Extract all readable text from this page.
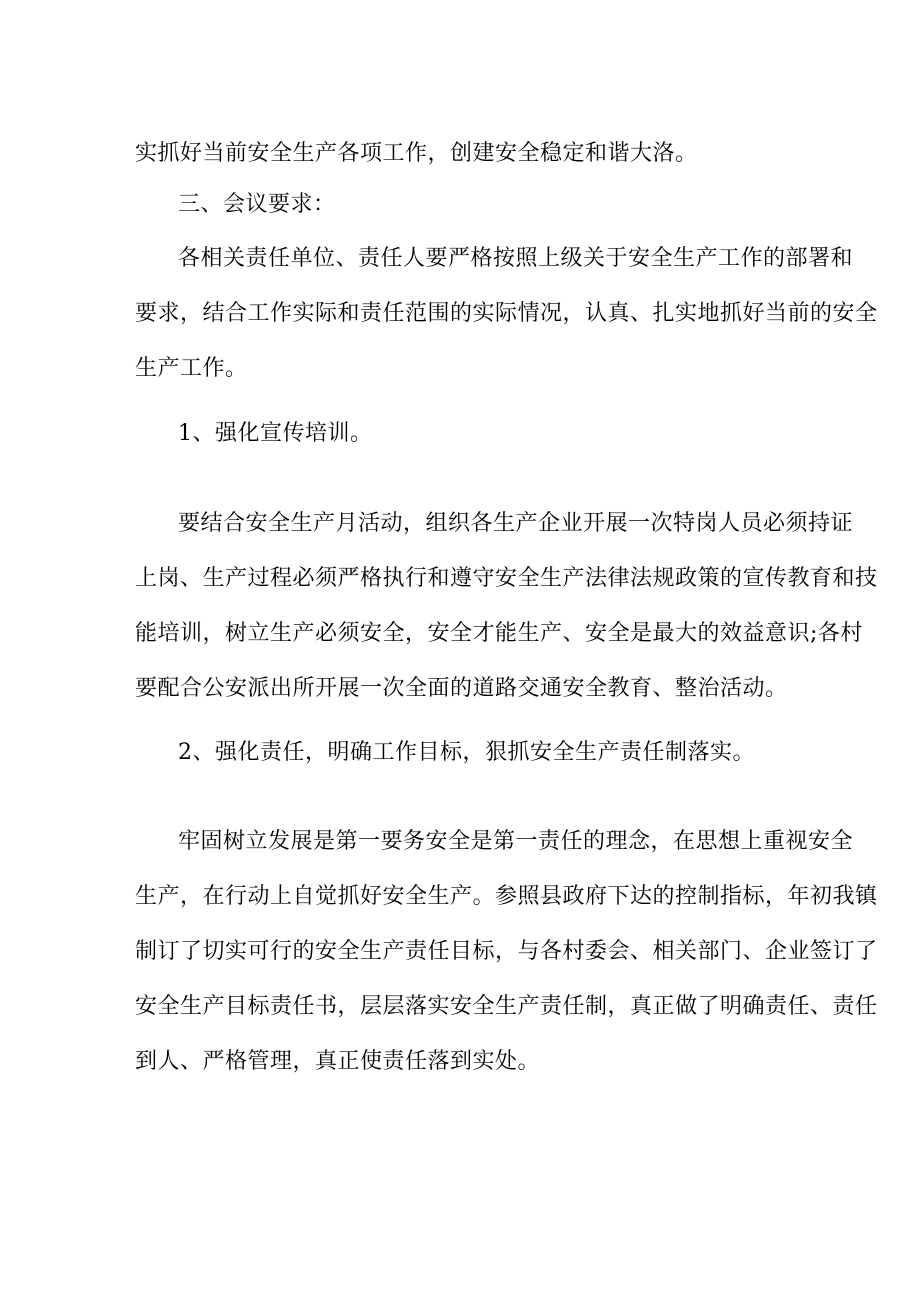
实抓好当前安全生产各项工作，创建安全稳定和谐大洛。
三、会议要求：
各相关责任单位、责任人要严格按照上级关于安全生产工作的部署和
要求，结合工作实际和责任范围的实际情况，认真、扎实地抓好当前的安全
生产工作。
1、强化宣传培训。
要结合安全生产月活动，组织各生产企业开展一次特岗人员必须持证
上岗、生产过程必须严格执行和遵守安全生产法律法规政策的宣传教育和技
能培训，树立生产必须安全，安全才能生产、安全是最大的效益意识;各村
要配合公安派出所开展一次全面的道路交通安全教育、整治活动。
2、强化责任，明确工作目标，狠抓安全生产责任制落实。
牢固树立发展是第一要务安全是第一责任的理念，在思想上重视安全
生产，在行动上自觉抓好安全生产。参照县政府下达的控制指标，年初我镇
制订了切实可行的安全生产责任目标，与各村委会、相关部门、企业签订了
安全生产目标责任书，层层落实安全生产责任制，真正做了明确责任、责任
到人、严格管理，真正使责任落到实处。
